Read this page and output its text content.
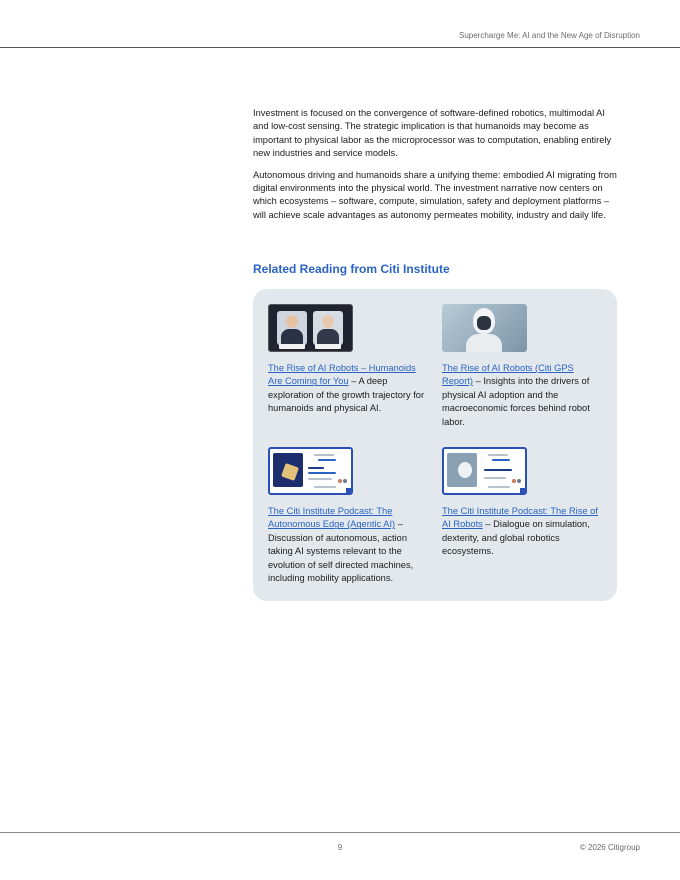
Supercharge Me: AI and the New Age of Disruption

Investment is focused on the convergence of software-defined robotics, multimodal AI and low-cost sensing. The strategic implication is that humanoids may become as important to physical labor as the microprocessor was to computation, enabling entirely new industries and service models.

Autonomous driving and humanoids share a unifying theme: embodied AI migrating from digital environments into the physical world. The investment narrative now centers on which ecosystems – software, compute, simulation, safety and deployment platforms – will achieve scale advantages as autonomy permeates mobility, industry and daily life.

Related Reading from Citi Institute
The Rise of AI Robots – Humanoids Are Coming for You – A deep exploration of the growth trajectory for humanoids and physical AI.
The Rise of AI Robots (Citi GPS Report) – Insights into the drivers of physical AI adoption and the macroeconomic forces behind robot labor.
The Citi Institute Podcast: The Autonomous Edge (Agentic AI) – Discussion of autonomous, action taking AI systems relevant to the evolution of self directed machines, including mobility applications.
The Citi Institute Podcast: The Rise of AI Robots – Dialogue on simulation, dexterity, and global robotics ecosystems.
9	© 2026 Citigroup
